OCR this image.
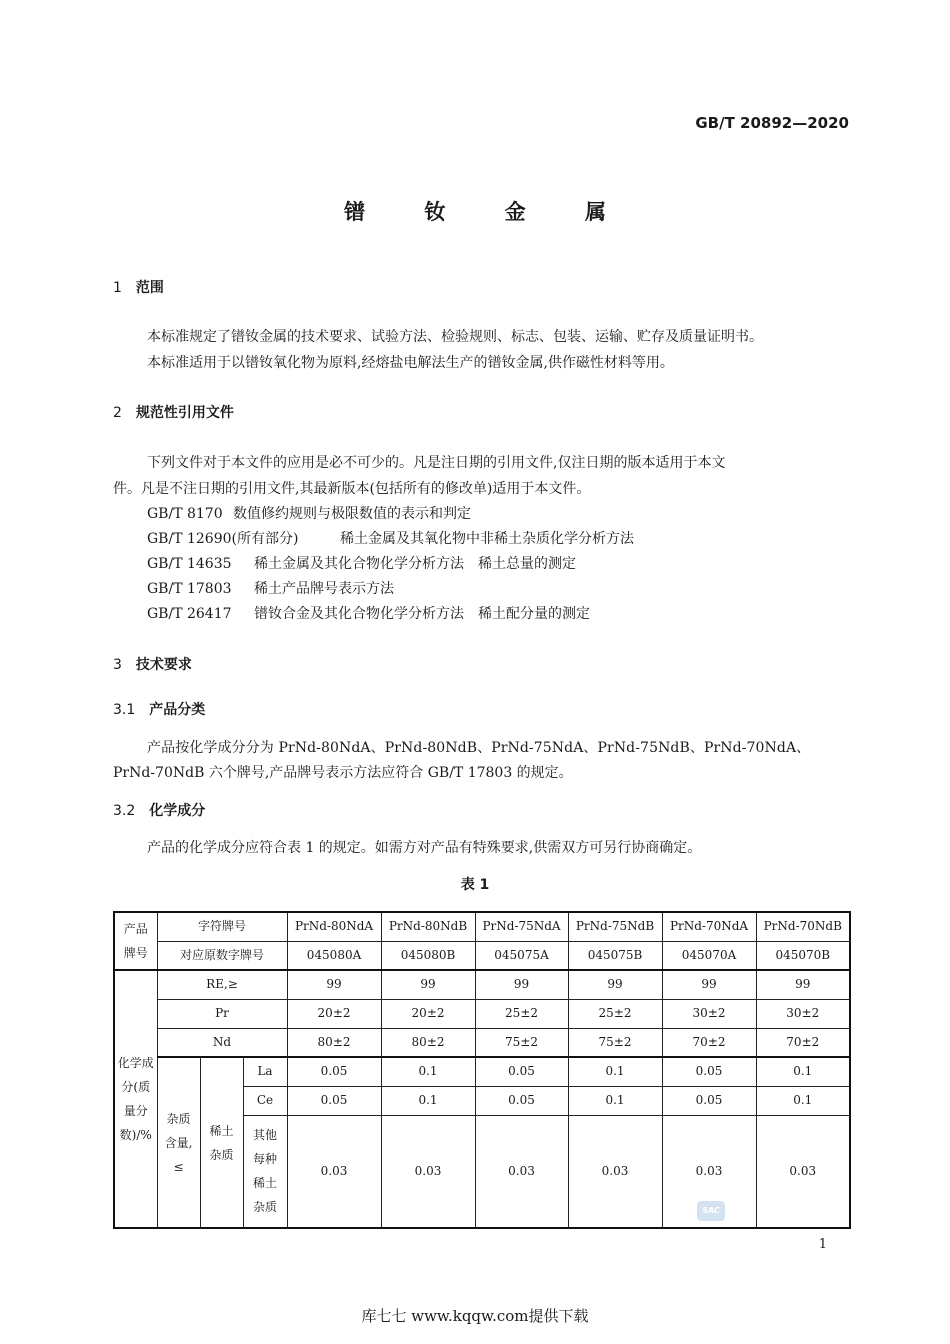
GB/T 20892—2020
镨 钕 金 属
1 范围
本标准规定了镨钕金属的技术要求、试验方法、检验规则、标志、包装、运输、贮存及质量证明书。
本标准适用于以镨钕氧化物为原料,经熔盐电解法生产的镨钕金属,供作磁性材料等用。
2 规范性引用文件
下列文件对于本文件的应用是必不可少的。凡是注日期的引用文件,仅注日期的版本适用于本文
件。凡是不注日期的引用文件,其最新版本(包括所有的修改单)适用于本文件。
GB/T 8170 数值修约规则与极限数值的表示和判定
GB/T 12690(所有部分)	稀土金属及其氧化物中非稀土杂质化学分析方法
GB/T 14635 稀土金属及其化合物化学分析方法　稀土总量的测定
GB/T 17803 稀土产品牌号表示方法
GB/T 26417 镨钕合金及其化合物化学分析方法　稀土配分量的测定
3 技术要求
3.1 产品分类
产品按化学成分分为 PrNd-80NdA、PrNd-80NdB、PrNd-75NdA、PrNd-75NdB、PrNd-70NdA、
PrNd-70NdB 六个牌号,产品牌号表示方法应符合 GB/T 17803 的规定。
3.2 化学成分
产品的化学成分应符合表 1 的规定。如需方对产品有特殊要求,供需双方可另行协商确定。
表 1
产品牌号	字符牌号			PrNd-80NdA	PrNd-80NdB	PrNd-75NdA	PrNd-75NdB	PrNd-70NdA	PrNd-70NdB
	对应原数字牌号			045080A	045080B	045075A	045075B	045070A	045070B

化学成分(质量分数)/%	RE,≥			99	99	99	99	99	99
	Pr			20±2	20±2	25±2	25±2	30±2	30±2
	Nd			80±2	80±2	75±2	75±2	70±2	70±2

	杂质含量,≤	稀土杂质	La	0.05	0.1	0.05	0.1	0.05	0.1
			Ce	0.05	0.1	0.05	0.1	0.05	0.1

			其他每种稀土杂质	0.03	0.03	0.03	0.03	0.03	0.03
SAC
1
库七七 www.kqqw.com提供下载
